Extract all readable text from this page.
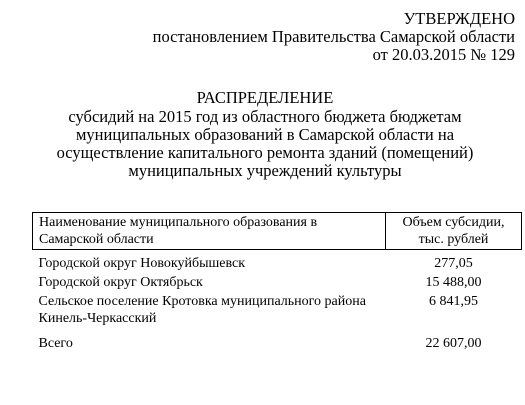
УТВЕРЖДЕНО
постановлением Правительства Самарской области
от 20.03.2015 № 129
РАСПРЕДЕЛЕНИЕ
субсидий на 2015 год из областного бюджета бюджетам муниципальных образований в Самарской области на осуществление капитального ремонта зданий (помещений) муниципальных учреждений культуры
Наименование муниципального образования в Самарской области	Объем субсидии, тыс. рублей
Городской округ Новокуйбышевск	277,05
Городской округ Октябрьск	15 488,00
Сельское поселение Кротовка муниципального района Кинель-Черкасский	6 841,95

Всего	22 607,00
